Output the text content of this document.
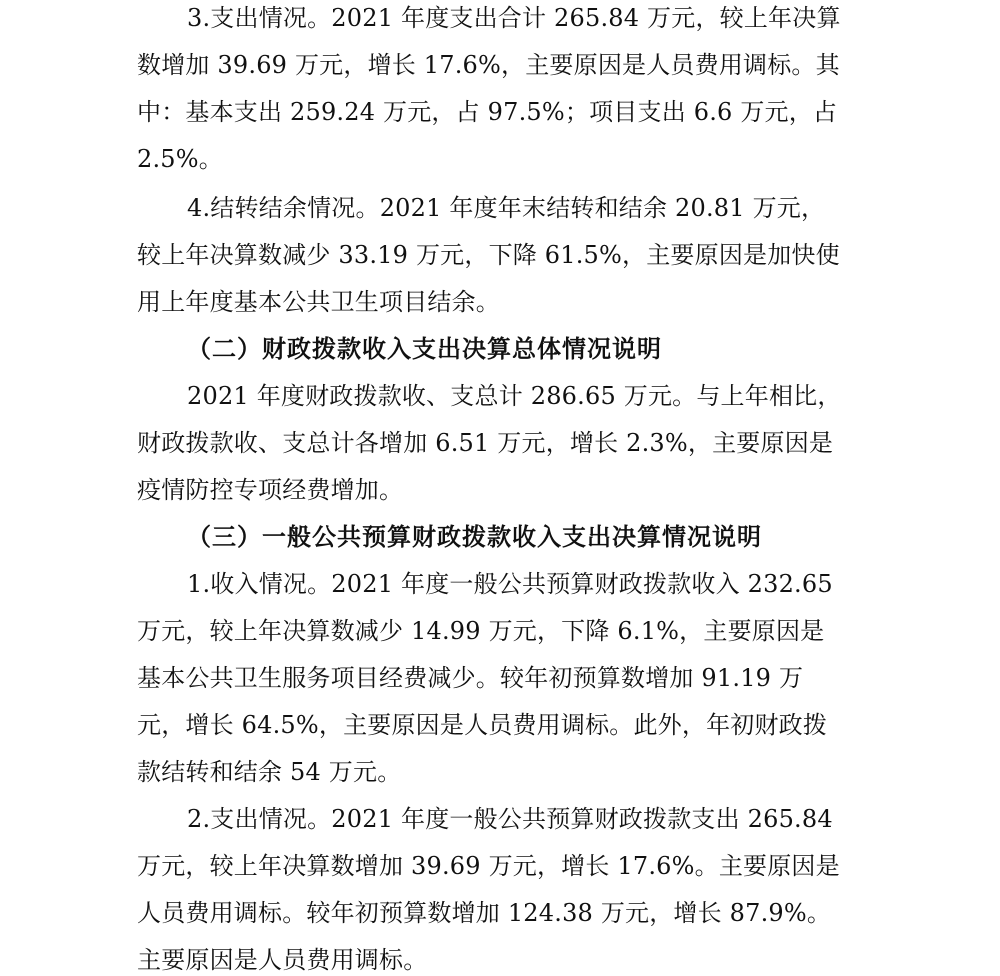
3.支出情况。2021 年度支出合计 265.84 万元，较上年决算
数增加 39.69 万元，增长 17.6%，主要原因是人员费用调标。其
中：基本支出 259.24 万元，占 97.5%；项目支出 6.6 万元，占
2.5%。
4.结转结余情况。2021 年度年末结转和结余 20.81 万元，
较上年决算数减少 33.19 万元，下降 61.5%，主要原因是加快使
用上年度基本公共卫生项目结余。
（二）财政拨款收入支出决算总体情况说明
2021 年度财政拨款收、支总计 286.65 万元。与上年相比，
财政拨款收、支总计各增加 6.51 万元，增长 2.3%，主要原因是
疫情防控专项经费增加。
（三）一般公共预算财政拨款收入支出决算情况说明
1.收入情况。2021 年度一般公共预算财政拨款收入 232.65
万元，较上年决算数减少 14.99 万元，下降 6.1%，主要原因是
基本公共卫生服务项目经费减少。较年初预算数增加 91.19 万
元，增长 64.5%，主要原因是人员费用调标。此外，年初财政拨
款结转和结余 54 万元。
2.支出情况。2021 年度一般公共预算财政拨款支出 265.84
万元，较上年决算数增加 39.69 万元，增长 17.6%。主要原因是
人员费用调标。较年初预算数增加 124.38 万元，增长 87.9%。
主要原因是人员费用调标。
